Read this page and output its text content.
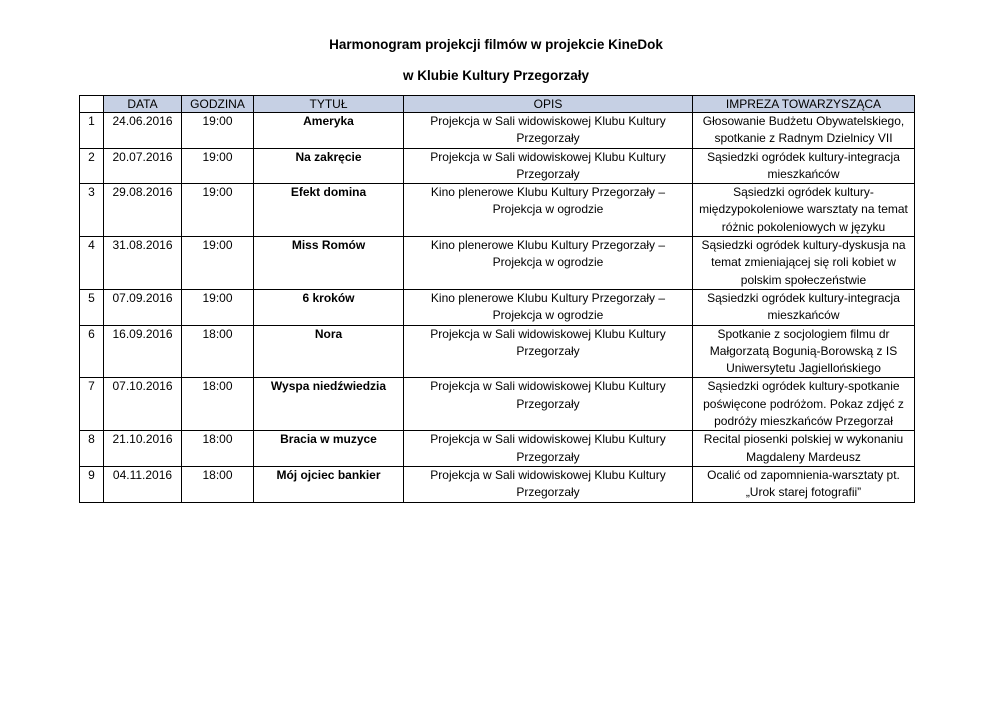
Harmonogram projekcji filmów w projekcie KineDok
w Klubie Kultury Przegorzały
	DATA	GODZINA	TYTUŁ	OPIS	IMPREZA TOWARZYSZĄCA
1	24.06.2016	19:00	Ameryka	Projekcja w Sali widowiskowej Klubu Kultury Przegorzały	Głosowanie Budżetu Obywatelskiego, spotkanie z Radnym Dzielnicy VII
2	20.07.2016	19:00	Na zakręcie	Projekcja w Sali widowiskowej Klubu Kultury Przegorzały	Sąsiedzki ogródek kultury-integracja mieszkańców
3	29.08.2016	19:00	Efekt domina	Kino plenerowe Klubu Kultury Przegorzały – Projekcja w ogrodzie	Sąsiedzki ogródek kultury-międzypokoleniowe warsztaty na temat różnic pokoleniowych w języku
4	31.08.2016	19:00	Miss Romów	Kino plenerowe Klubu Kultury Przegorzały – Projekcja w ogrodzie	Sąsiedzki ogródek kultury-dyskusja na temat zmieniającej się roli kobiet w polskim społeczeństwie
5	07.09.2016	19:00	6 kroków	Kino plenerowe Klubu Kultury Przegorzały – Projekcja w ogrodzie	Sąsiedzki ogródek kultury-integracja mieszkańców
6	16.09.2016	18:00	Nora	Projekcja w Sali widowiskowej Klubu Kultury Przegorzały	Spotkanie z socjologiem filmu dr Małgorzatą Bogunią-Borowską z IS Uniwersytetu Jagiellońskiego
7	07.10.2016	18:00	Wyspa niedźwiedzia	Projekcja w Sali widowiskowej Klubu Kultury Przegorzały	Sąsiedzki ogródek kultury-spotkanie poświęcone podróżom. Pokaz zdjęć z podróży mieszkańców Przegorzał
8	21.10.2016	18:00	Bracia w muzyce	Projekcja w Sali widowiskowej Klubu Kultury Przegorzały	Recital piosenki polskiej w wykonaniu Magdaleny Mardeusz
9	04.11.2016	18:00	Mój ojciec bankier	Projekcja w Sali widowiskowej Klubu Kultury Przegorzały	Ocalić od zapomnienia-warsztaty pt. „Urok starej fotografii”
